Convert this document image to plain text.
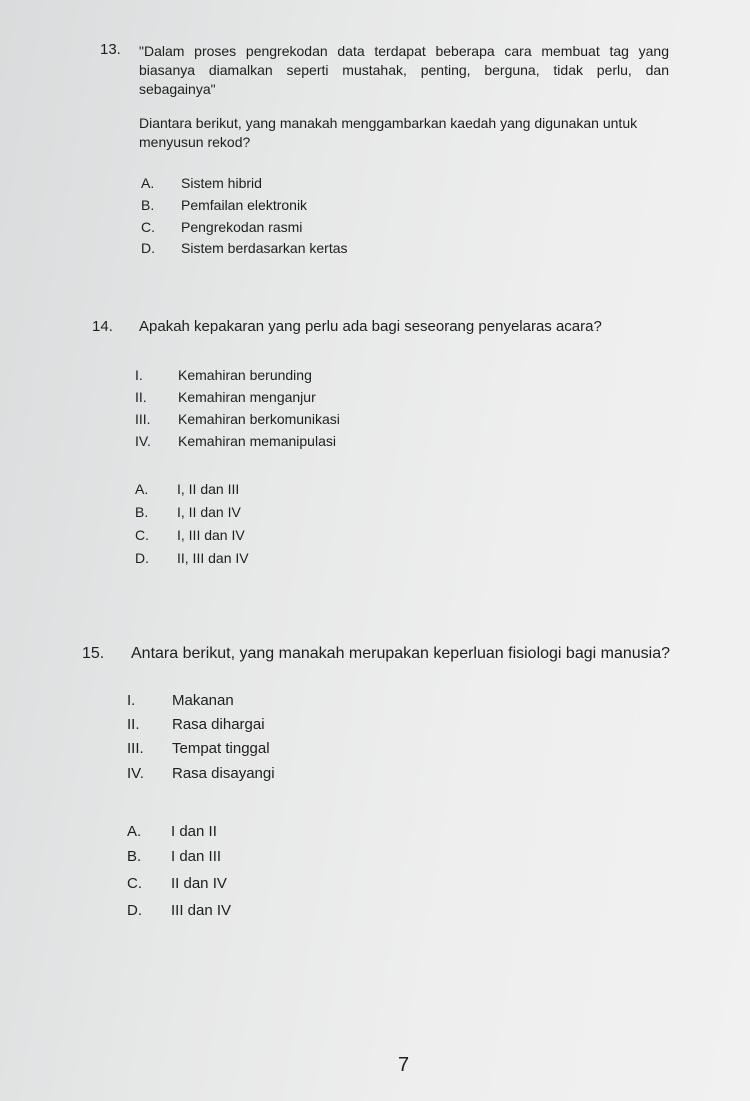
13. "Dalam proses pengrekodan data terdapat beberapa cara membuat tag yang biasanya diamalkan seperti mustahak, penting, berguna, tidak perlu, dan sebagainya"
Diantara berikut, yang manakah menggambarkan kaedah yang digunakan untuk menyusun rekod?
A. Sistem hibrid
B. Pemfailan elektronik
C. Pengrekodan rasmi
D. Sistem berdasarkan kertas
14. Apakah kepakaran yang perlu ada bagi seseorang penyelaras acara?
I.	Kemahiran berunding
II. Kemahiran menganjur
III. Kemahiran berkomunikasi
IV. Kemahiran memanipulasi
A. I, II dan III
B. I, II dan IV
C. I, III dan IV
D. II, III dan IV
15. Antara berikut, yang manakah merupakan keperluan fisiologi bagi manusia?
I. Makanan
II. Rasa dihargai
III. Tempat tinggal
IV. Rasa disayangi
A. I dan II
B. I dan III
C. II dan IV
D. III dan IV
7
